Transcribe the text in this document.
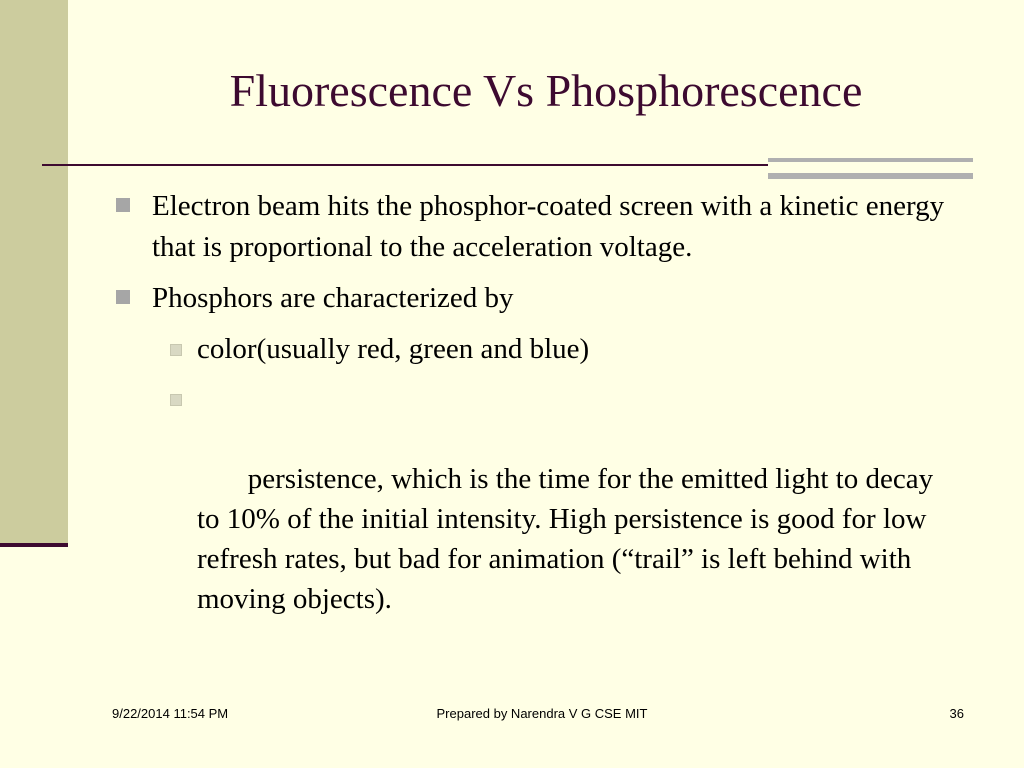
Fluorescence Vs Phosphorescence
Electron beam hits the phosphor-coated screen with a kinetic energy that is proportional to the acceleration voltage.
Phosphors are characterized by
color(usually red, green and blue)

persistence, which is the time for the emitted light to decay to 10% of the initial intensity. High persistence is good for low refresh rates, but bad for animation (“trail” is left behind with moving objects).

9/22/2014 11:54 PM	Prepared by Narendra V G CSE MIT	36
